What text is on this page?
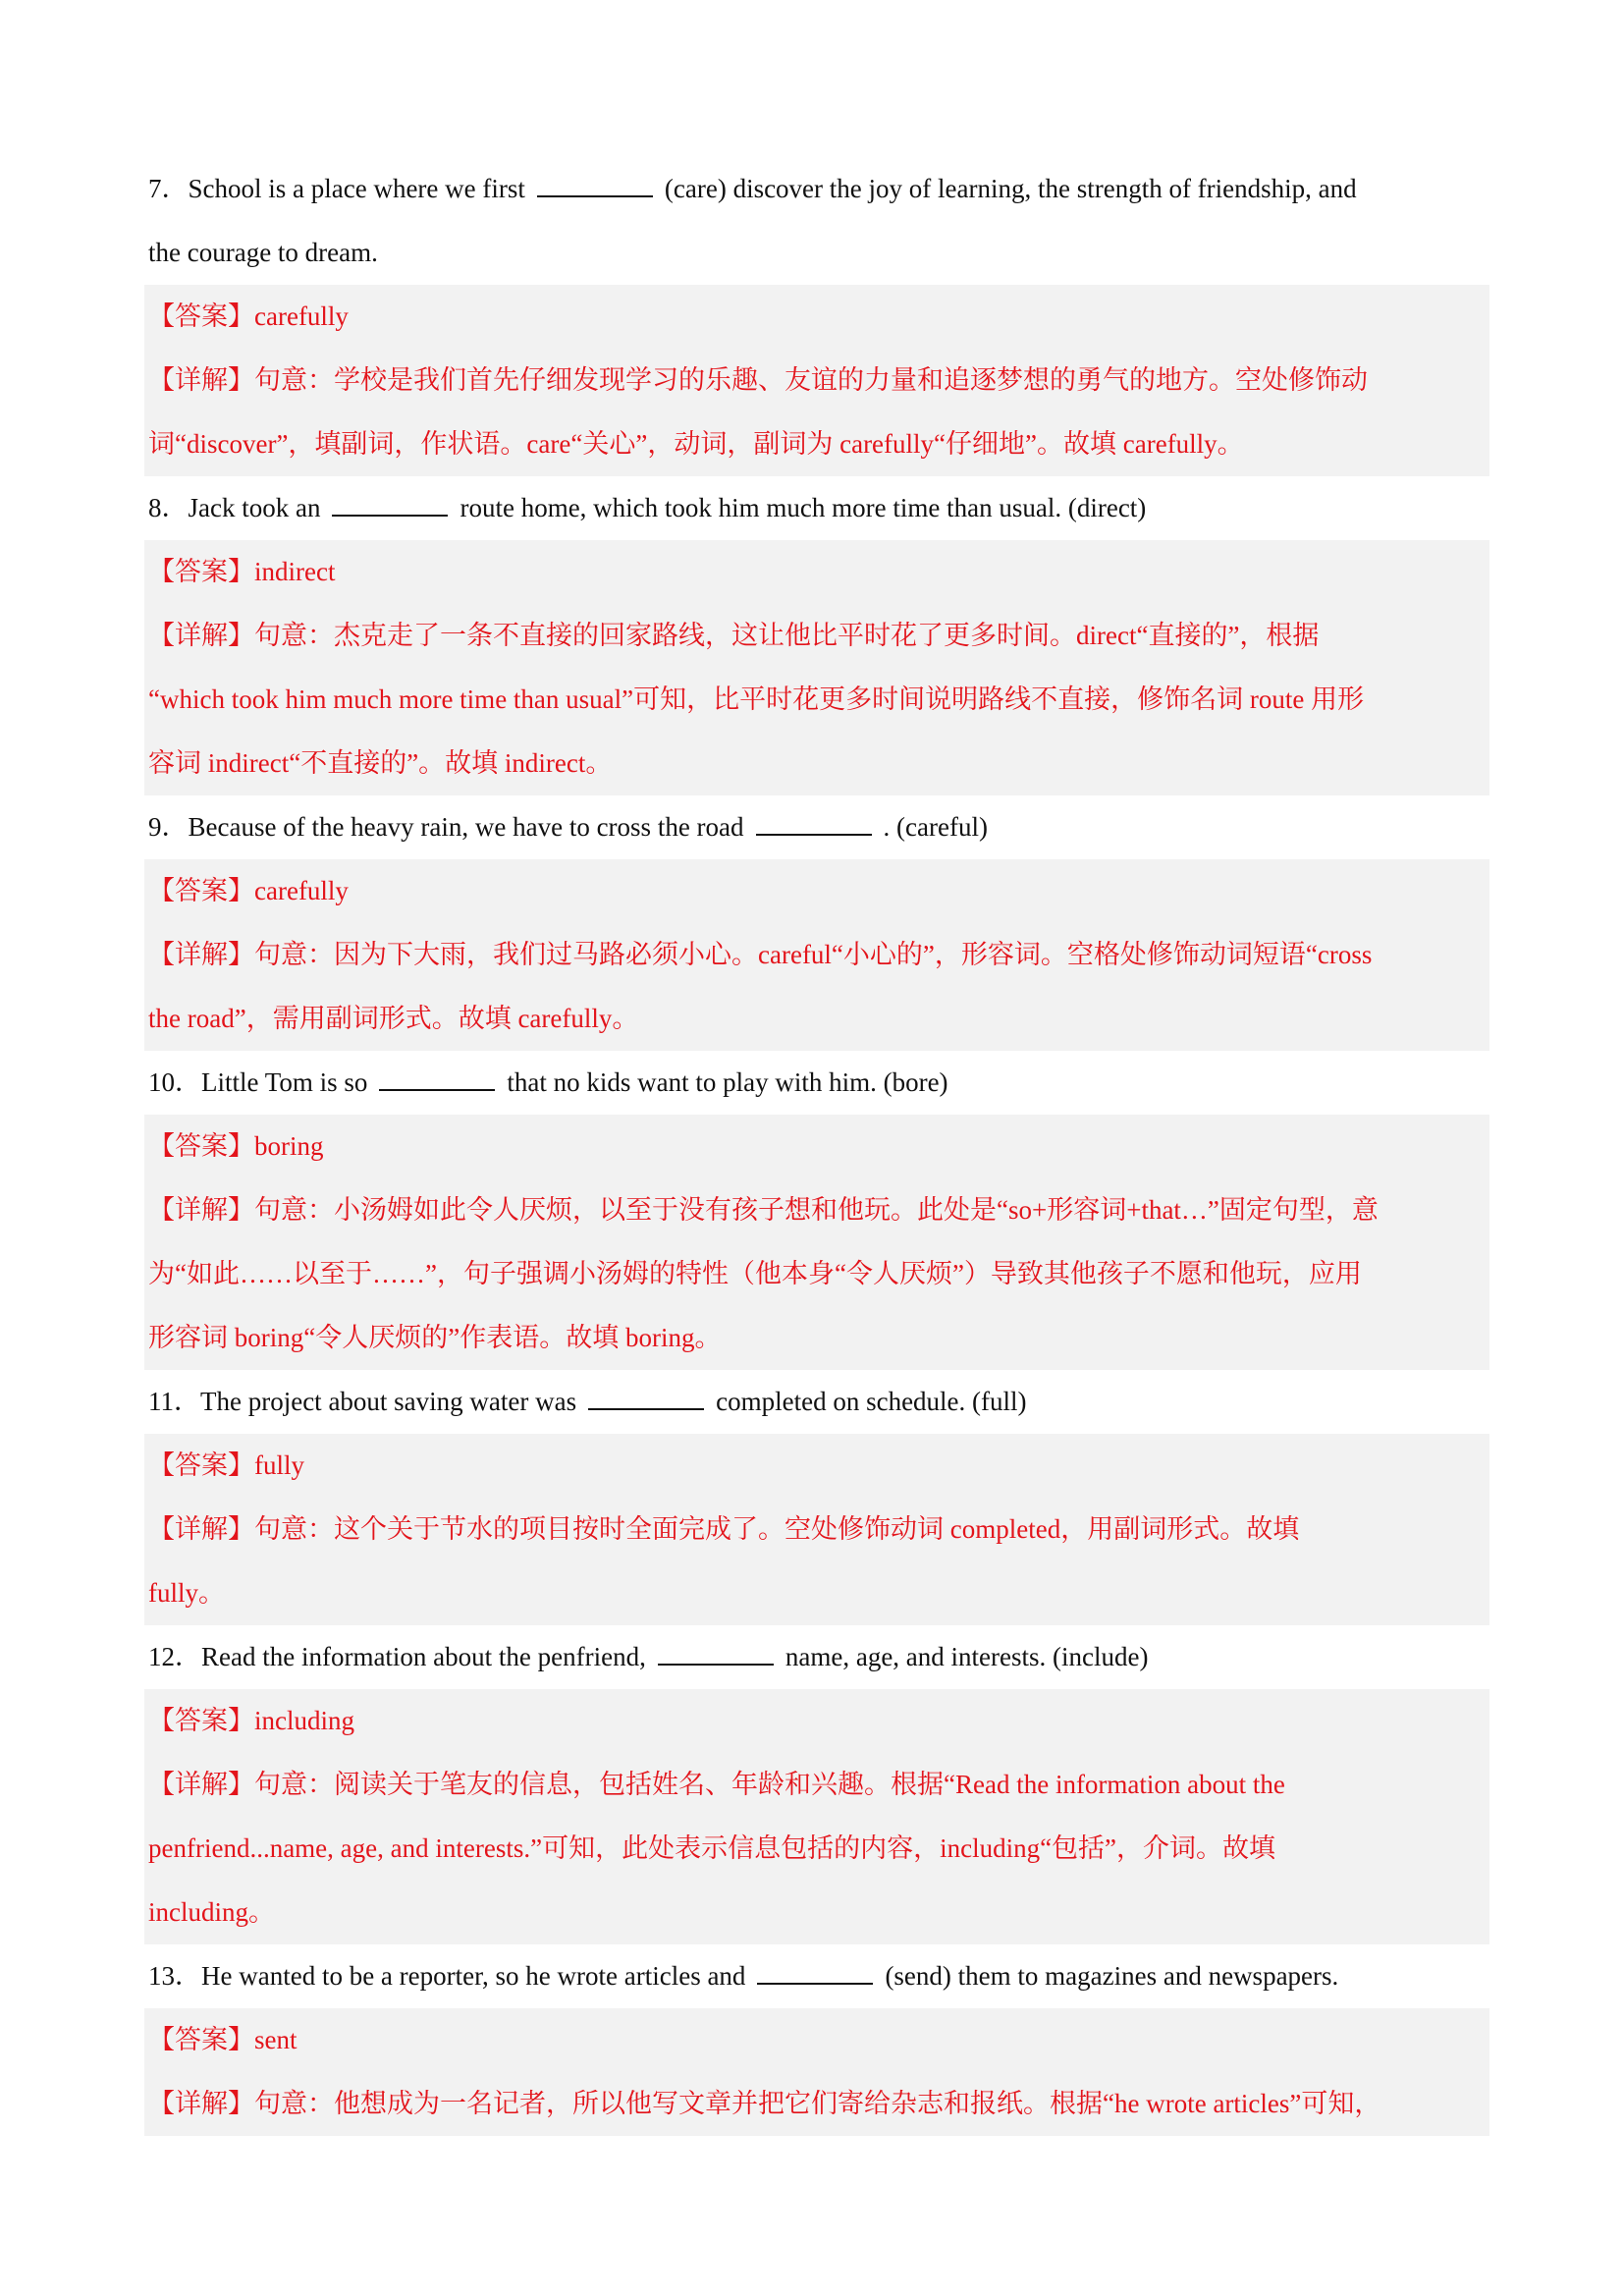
7．School is a place where we first	(care) discover the joy of learning, the strength of friendship, and
the courage to dream.
【答案】carefully
【详解】句意：学校是我们首先仔细发现学习的乐趣、友谊的力量和追逐梦想的勇气的地方。空处修饰动
词“discover”，填副词，作状语。care“关心”，动词，副词为 carefully“仔细地”。故填 carefully。
8．Jack took an	route home, which took him much more time than usual. (direct)
【答案】indirect
【详解】句意：杰克走了一条不直接的回家路线，这让他比平时花了更多时间。direct“直接的”，根据
“which took him much more time than usual”可知，比平时花更多时间说明路线不直接，修饰名词 route 用形
容词 indirect“不直接的”。故填 indirect。
9．Because of the heavy rain, we have to cross the road	. (careful)
【答案】carefully
【详解】句意：因为下大雨，我们过马路必须小心。careful“小心的”，形容词。空格处修饰动词短语“cross
the road”，需用副词形式。故填 carefully。
10．Little Tom is so	that no kids want to play with him. (bore)
【答案】boring
【详解】句意：小汤姆如此令人厌烦，以至于没有孩子想和他玩。此处是“so+形容词+that…”固定句型，意
为“如此……以至于……”，句子强调小汤姆的特性（他本身“令人厌烦”）导致其他孩子不愿和他玩，应用
形容词 boring“令人厌烦的”作表语。故填 boring。
11．The project about saving water was	completed on schedule. (full)
【答案】fully
【详解】句意：这个关于节水的项目按时全面完成了。空处修饰动词 completed，用副词形式。故填
fully。
12．Read the information about the penfriend,	name, age, and interests. (include)
【答案】including
【详解】句意：阅读关于笔友的信息，包括姓名、年龄和兴趣。根据“Read the information about the
penfriend...name, age, and interests.”可知，此处表示信息包括的内容，including“包括”，介词。故填
including。
13．He wanted to be a reporter, so he wrote articles and	(send) them to magazines and newspapers.
【答案】sent
【详解】句意：他想成为一名记者，所以他写文章并把它们寄给杂志和报纸。根据“he wrote articles”可知，
